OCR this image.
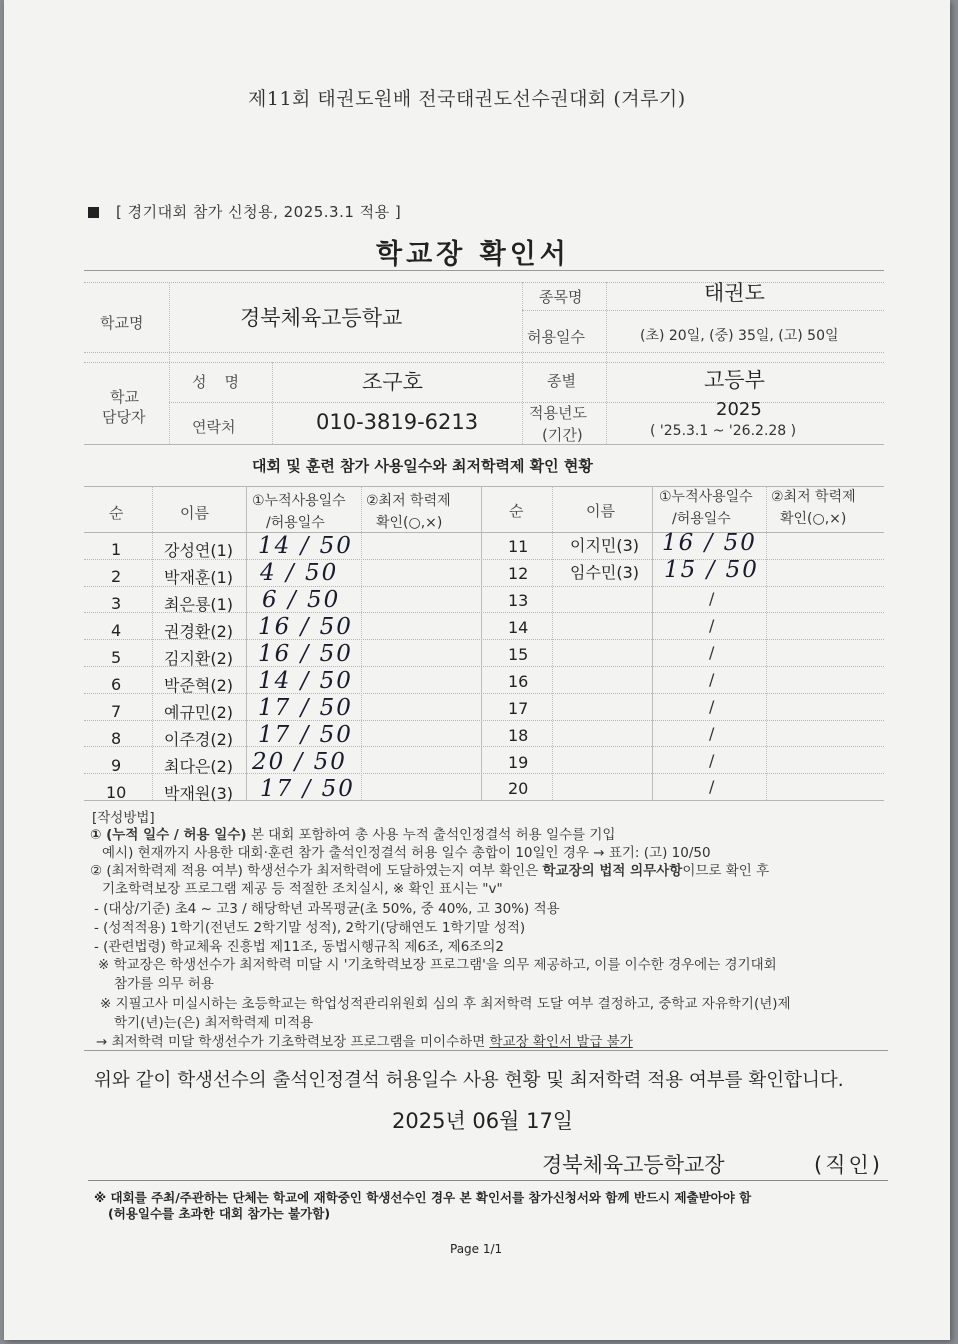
제11회 태권도원배 전국태권도선수권대회 (겨루기)
[ 경기대회 참가 신청용, 2025.3.1 적용 ]
학교장 확인서
학교명	경북체육고등학교
종목명	태권도
허용일수	(초) 20일, (중) 35일, (고) 50일
학교
담당자
성명	조구호
연락처	010-3819-6213
종별	고등부
적용년도
(기간)
2025
( '25.3.1 ~ '26.2.28 )
대회 및 훈련 참가 사용일수와 최저학력제 확인 현황
순	이름
①누적사용일수
/허용일수
②최저 학력제
확인(○,×)
순	이름
①누적사용일수
/허용일수
②최저 학력제
확인(○,×)
1	강성연(1) 14 / 50
2	박재훈(1) 4 / 50
3	최은룡(1) 6 / 50
4	권경환(2) 16 / 50
5	김지환(2) 16 / 50
6	박준혁(2) 14 / 50
7	예규민(2) 17 / 50
8	이주경(2) 17 / 50
9	최다은(2) 20 / 50
10 박재원(3) 17 / 50
11	이지민(3) 16 / 50
12	임수민(3) 15 / 50
13	/
14	/
15	/
16	/
17	/
18	/
19	/
20	/
[작성방법]
① (누적 일수 / 허용 일수) 본 대회 포함하여 총 사용 누적 출석인정결석 허용 일수를 기입
예시) 현재까지 사용한 대회·훈련 참가 출석인정결석 허용 일수 총합이 10일인 경우 → 표기: (고) 10/50
② (최저학력제 적용 여부) 학생선수가 최저학력에 도달하였는지 여부 확인은 학교장의 법적 의무사항이므로 확인 후
기초학력보장 프로그램 제공 등 적절한 조치실시, ※ 확인 표시는 "v"
- (대상/기준) 초4 ~ 고3 / 해당학년 과목평균(초 50%, 중 40%, 고 30%) 적용
- (성적적용) 1학기(전년도 2학기말 성적), 2학기(당해연도 1학기말 성적)
- (관련법령) 학교체육 진흥법 제11조, 동법시행규칙 제6조, 제6조의2
※ 학교장은 학생선수가 최저학력 미달 시 '기초학력보장 프로그램'을 의무 제공하고, 이를 이수한 경우에는 경기대회
참가를 의무 허용
※ 지필고사 미실시하는 초등학교는 학업성적관리위원회 심의 후 최저학력 도달 여부 결정하고, 중학교 자유학기(년)제
학기(년)는(은) 최저학력제 미적용
→ 최저학력 미달 학생선수가 기초학력보장 프로그램을 미이수하면 학교장 확인서 발급 불가
위와 같이 학생선수의 출석인정결석 허용일수 사용 현황 및 최저학력 적용 여부를 확인합니다.
2025년 06월 17일
경북체육고등학교장	(직인)
※ 대회를 주최/주관하는 단체는 학교에 재학중인 학생선수인 경우 본 확인서를 참가신청서와 함께 반드시 제출받아야 함
(허용일수를 초과한 대회 참가는 불가함)
Page 1/1
